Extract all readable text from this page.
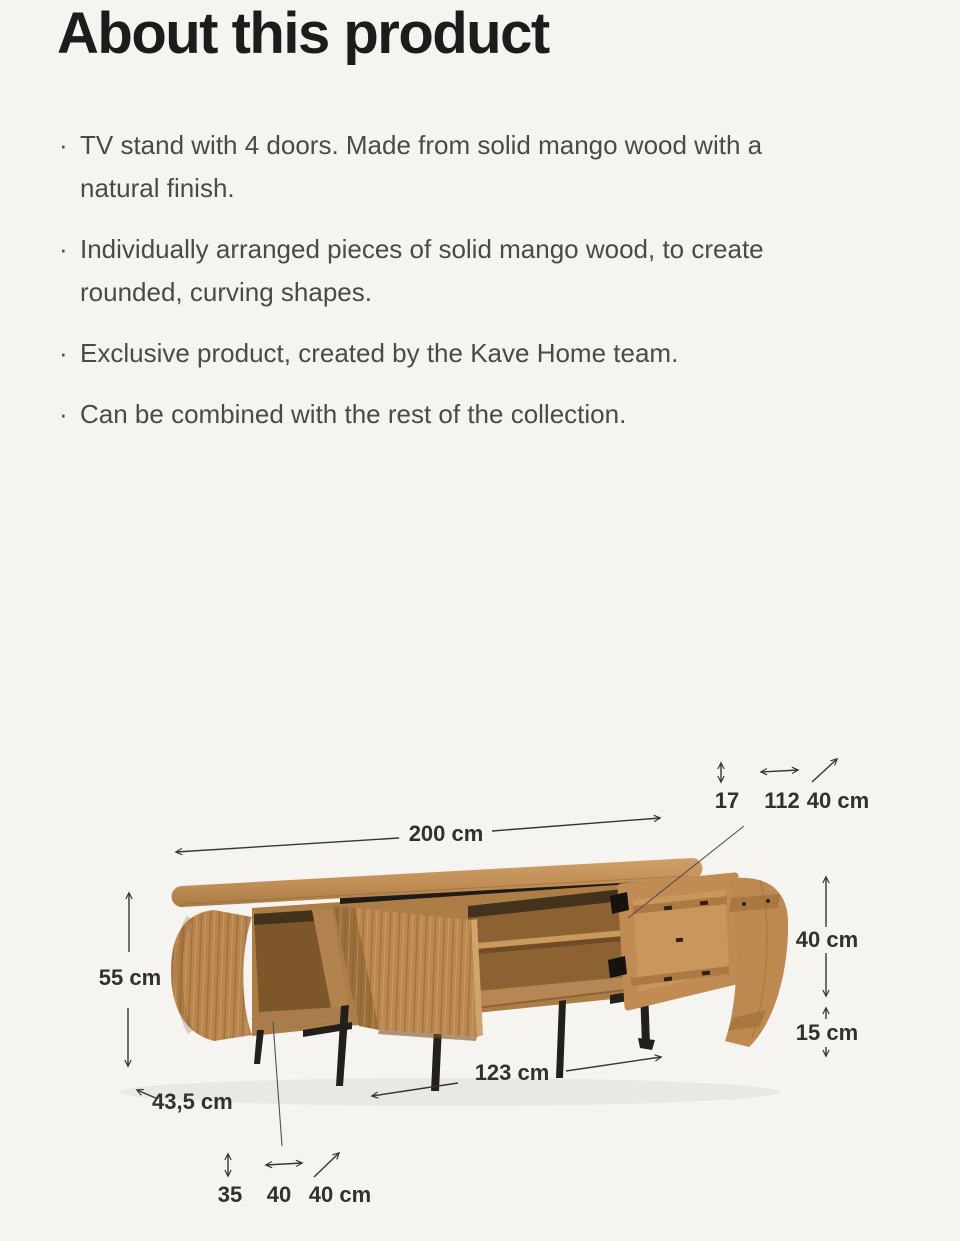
About this product
· TV stand with 4 doors. Made from solid mango wood with a natural finish.
· Individually arranged pieces of solid mango wood, to create rounded, curving shapes.
· Exclusive product, created by the Kave Home team.
· Can be combined with the rest of the collection.
200 cm
55 cm
43,5 cm
123 cm
40 cm
15 cm
17 112 40 cm
35 40 40 cm
